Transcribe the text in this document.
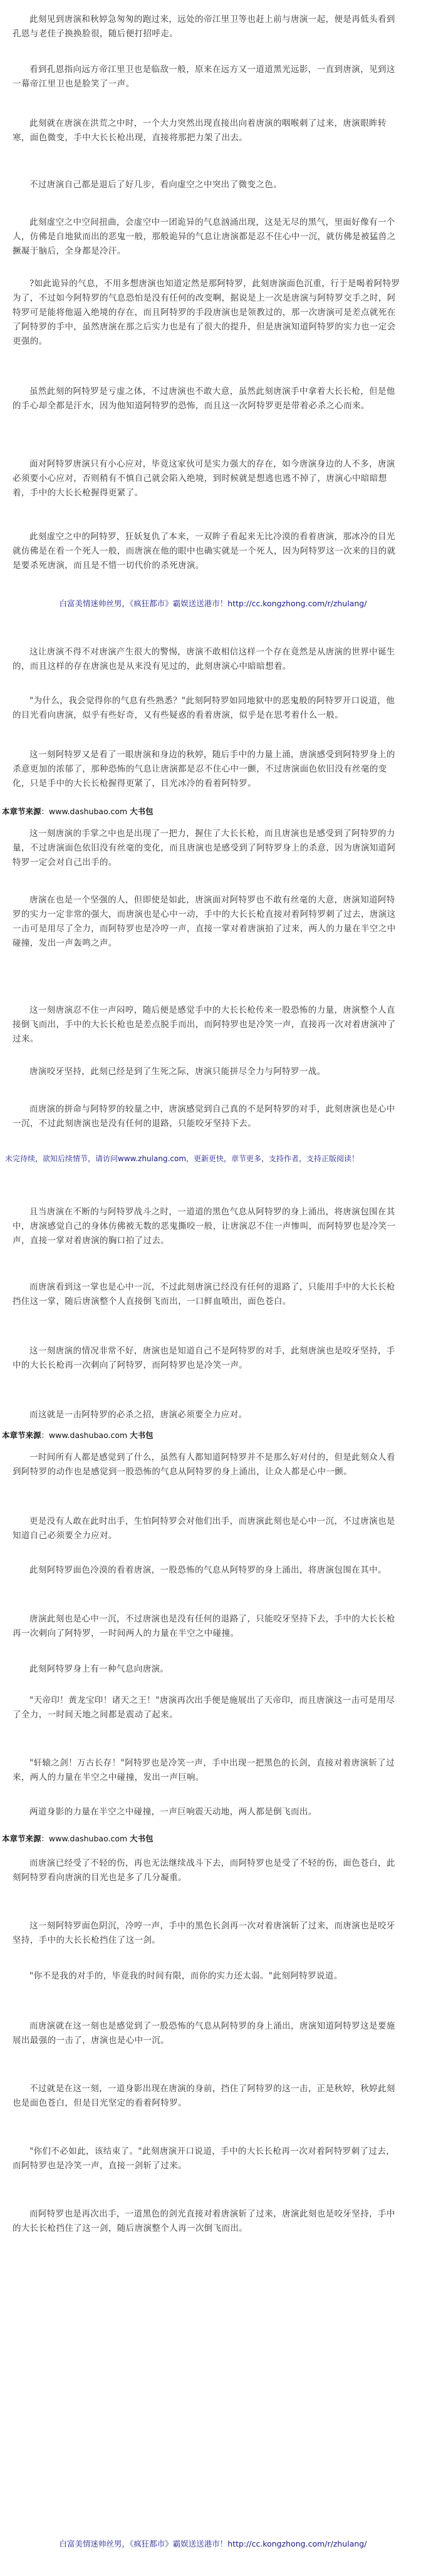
此刻见到唐演和秋婷急匆匆的跑过来，远处的帝江里卫等也赶上前与唐演一起，便是再低头看到孔恩与老佳子换换脸很，随后便打招呼走。

看到孔恩指向远方帝江里卫也是临敌一般，原来在远方又一道道黑光远影，一直到唐演，见到这一幕帝江里卫也是脸笑了一声。

此刻就在唐演在洪荒之中时，一个大力突然出现直接出向着唐演的咽喉刺了过来，唐演眼眸转寒，面色微变，手中大长长枪出现，直接将那把力架了出去。

不过唐演自己都是退后了好几步，看向虚空之中突出了微变之色。

此刻虚空之中空间扭曲，会虚空中一团诡异的气息汹涌出现，这是无尽的黑气，里面好像有一个人，仿佛是自地狱而出的恶鬼一般，那般诡异的气息让唐演都是忍不住心中一沉，就仿佛是被猛兽之撅凝于脑后，全身都是冷汗。

?如此诡异的气息，不用多想唐演也知道定然是那阿特罗，此刻唐演面色沉重，行于是喝着阿特罗为了，不过如今阿特罗的气息恐怕是没有任何的改变啊，据说是上一次是唐演与阿特罗交手之时，阿特罗可是能将他逼入绝境的存在，而且阿特罗的手段唐演也是领教过的，那一次唐演可是差点就死在了阿特罗的手中，虽然唐演在那之后实力也是有了很大的提升，但是唐演知道阿特罗的实力也一定会更强的。

虽然此刻的阿特罗是亏虚之体，不过唐演也不敢大意，虽然此刻唐演手中拿着大长长枪，但是他的手心却全都是汗水，因为他知道阿特罗的恐怖，而且这一次阿特罗更是带着必杀之心而来。

面对阿特罗唐演只有小心应对，毕竟这家伙可是实力强大的存在，如今唐演身边的人不多，唐演必须要小心应对，否则稍有不慎自己就会陷入绝境，到时候就是想逃也逃不掉了，唐演心中暗暗想着，手中的大长长枪握得更紧了。

此刻虚空之中的阿特罗，狂妖复仇了本来，一双眸子看起来无比冷漠的看着唐演，那冰冷的目光就仿佛是在看一个死人一般，而唐演在他的眼中也确实就是一个死人，因为阿特罗这一次来的目的就是要杀死唐演，而且是不惜一切代价的杀死唐演。

白富美情迷帅丝男，《疯狂都市》霸娱送送港市！http://cc.kongzhong.com/r/zhulang/

这让唐演不得不对唐演产生很大的警惕，唐演不敢相信这样一个存在竟然是从唐演的世界中诞生的，而且这样的存在唐演也是从来没有见过的，此刻唐演心中暗暗想着。

"为什么，我会觉得你的气息有些熟悉？"此刻阿特罗如同地狱中的恶鬼般的阿特罗开口说道，他的目光看向唐演，似乎有些好奇，又有些疑惑的看着唐演，似乎是在思考着什么一般。

这一刻阿特罗又是看了一眼唐演和身边的秋婷，随后手中的力量上涌，唐演感受到阿特罗身上的杀意更加的浓郁了，那种恐怖的气息让唐演都是忍不住心中一颤，不过唐演面色依旧没有丝毫的变化，只是手中的大长长枪握得更紧了，目光冰冷的看着阿特罗。

本章节来源：www.dashubao.com 大书包

这一刻唐演的手掌之中也是出现了一把力，握住了大长长枪，而且唐演也是感受到了阿特罗的力量，不过唐演面色依旧没有丝毫的变化，而且唐演也是感受到了阿特罗身上的杀意，因为唐演知道阿特罗一定会对自己出手的。

唐演在也是一个坚强的人，但即使是如此，唐演面对阿特罗也不敢有丝毫的大意，唐演知道阿特罗的实力一定非常的强大，而唐演也是心中一动，手中的大长长枪直接对着阿特罗刺了过去，唐演这一击可是用尽了全力，而阿特罗也是冷哼一声，直接一掌对着唐演拍了过来，两人的力量在半空之中碰撞，发出一声轰鸣之声。

这一刻唐演忍不住一声闷哼，随后便是感觉手中的大长长枪传来一股恐怖的力量，唐演整个人直接倒飞而出，手中的大长长枪也是差点脱手而出，而阿特罗也是冷笑一声，直接再一次对着唐演冲了过来。

唐演咬牙坚持，此刻已经是到了生死之际，唐演只能拼尽全力与阿特罗一战。

而唐演的拼命与阿特罗的较量之中，唐演感觉到自己真的不是阿特罗的对手，此刻唐演也是心中一沉，不过此刻唐演也是没有任何的退路，只能咬牙坚持下去。

未完待续，欲知后续情节，请访问www.zhulang.com，更新更快，章节更多，支持作者，支持正版阅读！

且当唐演在不断的与阿特罗战斗之时，一道道的黑色气息从阿特罗的身上涌出，将唐演包围在其中，唐演感觉自己的身体仿佛被无数的恶鬼撕咬一般，让唐演忍不住一声惨叫，而阿特罗也是冷笑一声，直接一掌对着唐演的胸口拍了过去。

而唐演看到这一掌也是心中一沉，不过此刻唐演已经没有任何的退路了，只能用手中的大长长枪挡住这一掌，随后唐演整个人直接倒飞而出，一口鲜血喷出，面色苍白。

这一刻唐演的情况非常不好，唐演也是知道自己不是阿特罗的对手，此刻唐演也是咬牙坚持，手中的大长长枪再一次刺向了阿特罗，而阿特罗也是冷笑一声。

而这就是一击阿特罗的必杀之招，唐演必须要全力应对。

本章节来源：www.dashubao.com 大书包

一时间所有人都是感觉到了什么，虽然有人都知道阿特罗并不是那么好对付的，但是此刻众人看到阿特罗的动作也是感觉到一股恐怖的气息从阿特罗的身上涌出，让众人都是心中一颤。

更是没有人敢在此时出手，生怕阿特罗会对他们出手，而唐演此刻也是心中一沉，不过唐演也是知道自己必须要全力应对。

此刻阿特罗面色冷漠的看着唐演，一股恐怖的气息从阿特罗的身上涌出，将唐演包围在其中。

唐演此刻也是心中一沉，不过唐演也是没有任何的退路了，只能咬牙坚持下去，手中的大长长枪再一次刺向了阿特罗，一时间两人的力量在半空之中碰撞。

此刻阿特罗身上有一种气息向唐演。

"天帝印！黄龙宝印！诸天之王！"唐演再次出手便是施展出了天帝印，而且唐演这一击可是用尽了全力，一时间天地之间都是震动了起来。

"轩辕之剑！万古长存！"阿特罗也是冷笑一声，手中出现一把黑色的长剑，直接对着唐演斩了过来，两人的力量在半空之中碰撞，发出一声巨响。

两道身影的力量在半空之中碰撞，一声巨响震天动地，两人都是倒飞而出。

本章节来源：www.dashubao.com 大书包

而唐演已经受了不轻的伤，再也无法继续战斗下去，而阿特罗也是受了不轻的伤，面色苍白，此刻阿特罗看向唐演的目光也是多了几分凝重。

这一刻阿特罗面色阴沉，冷哼一声，手中的黑色长剑再一次对着唐演斩了过来，而唐演也是咬牙坚持，手中的大长长枪挡住了这一剑。

"你不是我的对手的，毕竟我的时间有限，而你的实力还太弱。"此刻阿特罗说道。

而唐演就在这一刻也是感觉到了一股恐怖的气息从阿特罗的身上涌出，唐演知道阿特罗这是要施展出最强的一击了，唐演也是心中一沉。

不过就是在这一刻，一道身影出现在唐演的身前，挡住了阿特罗的这一击，正是秋婷，秋婷此刻也是面色苍白，但是目光坚定的看着阿特罗。

"你们不必如此，该结束了。"此刻唐演开口说道，手中的大长长枪再一次对着阿特罗刺了过去，而阿特罗也是冷笑一声，直接一剑斩了过来。

而阿特罗也是再次出手，一道黑色的剑光直接对着唐演斩了过来，唐演此刻也是咬牙坚持，手中的大长长枪挡住了这一剑，随后唐演整个人再一次倒飞而出。

白富美情迷帅丝男，《疯狂都市》霸娱送送港市！http://cc.kongzhong.com/r/zhulang/
